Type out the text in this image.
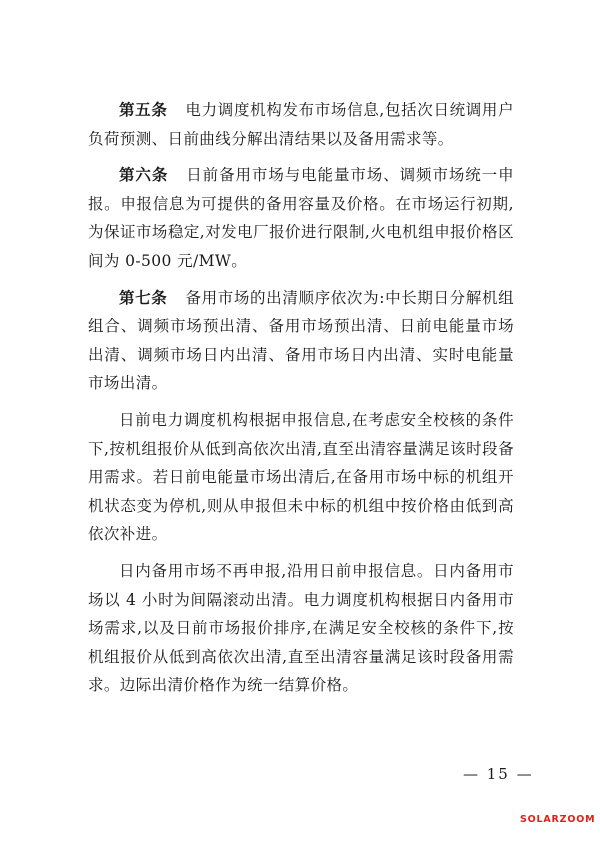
第五条 电力调度机构发布市场信息,包括次日统调用户负荷预测、日前曲线分解出清结果以及备用需求等。

第六条 日前备用市场与电能量市场、调频市场统一申报。申报信息为可提供的备用容量及价格。在市场运行初期,为保证市场稳定,对发电厂报价进行限制,火电机组申报价格区间为 0-500 元/MW。

第七条 备用市场的出清顺序依次为:中长期日分解机组组合、调频市场预出清、备用市场预出清、日前电能量市场出清、调频市场日内出清、备用市场日内出清、实时电能量市场出清。

日前电力调度机构根据申报信息,在考虑安全校核的条件下,按机组报价从低到高依次出清,直至出清容量满足该时段备用需求。若日前电能量市场出清后,在备用市场中标的机组开机状态变为停机,则从申报但未中标的机组中按价格由低到高依次补进。

日内备用市场不再申报,沿用日前申报信息。日内备用市场以 4 小时为间隔滚动出清。电力调度机构根据日内备用市场需求,以及日前市场报价排序,在满足安全校核的条件下,按机组报价从低到高依次出清,直至出清容量满足该时段备用需求。边际出清价格作为统一结算价格。

— 15 —
SOLARZOOM
